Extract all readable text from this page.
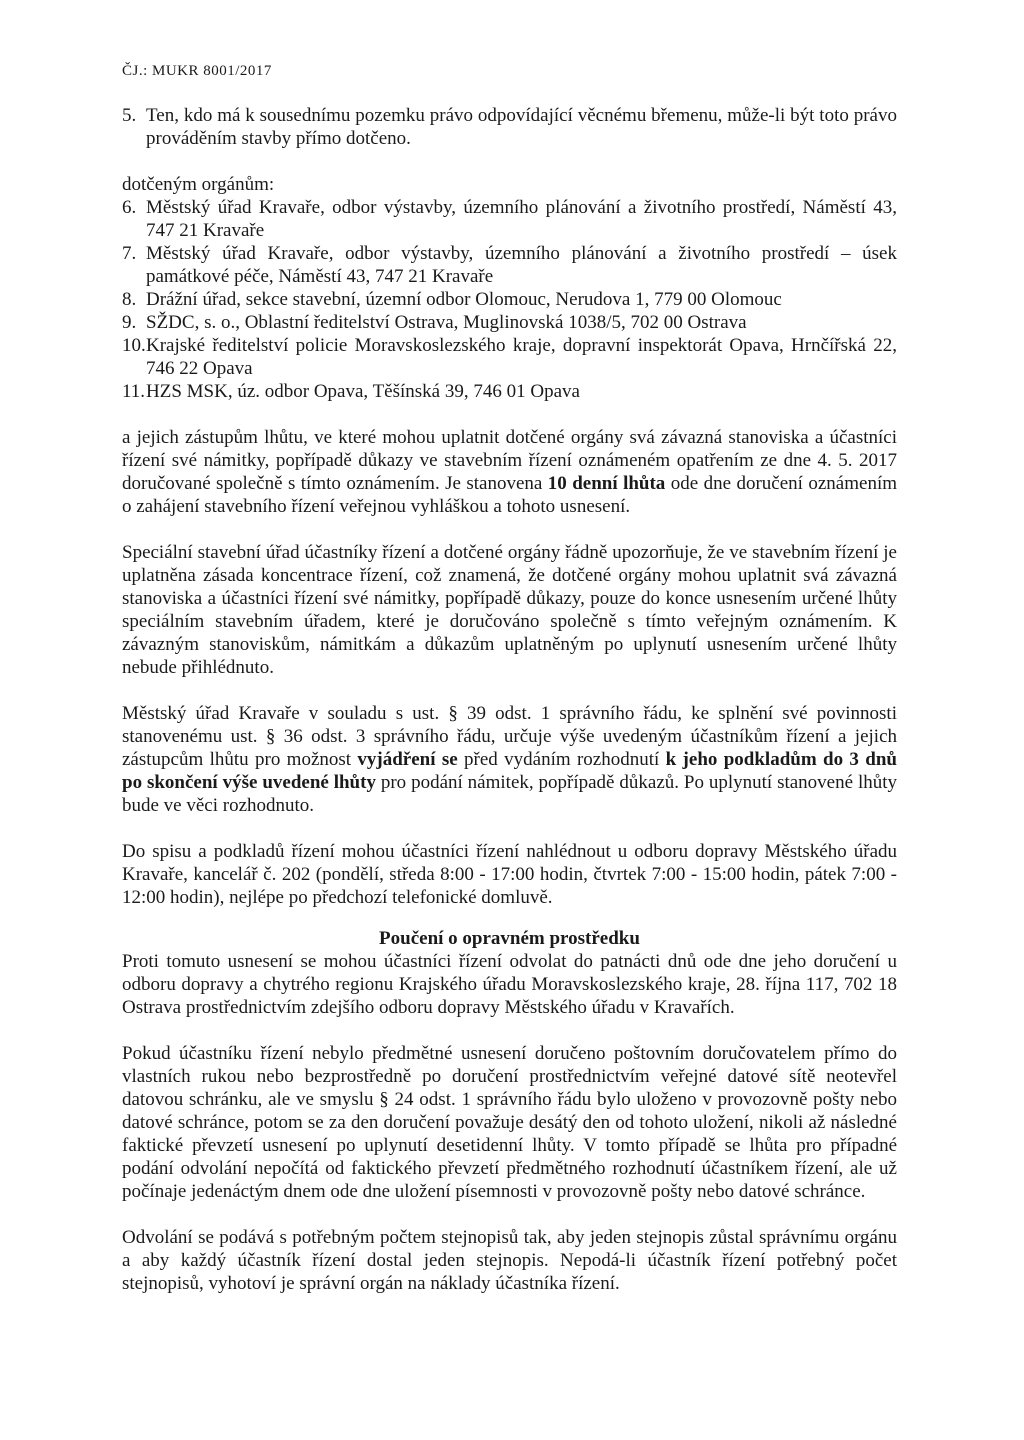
ČJ.: MUKR 8001/2017
5. Ten, kdo má k sousednímu pozemku právo odpovídající věcnému břemenu, může-li být toto právo prováděním stavby přímo dotčeno.

dotčeným orgánům:

6. Městský úřad Kravaře, odbor výstavby, územního plánování a životního prostředí, Náměstí 43, 747 21 Kravaře
7. Městský úřad Kravaře, odbor výstavby, územního plánování a životního prostředí – úsek památkové péče, Náměstí 43, 747 21 Kravaře
8. Drážní úřad, sekce stavební, územní odbor Olomouc, Nerudova 1, 779 00 Olomouc
9. SŽDC, s. o., Oblastní ředitelství Ostrava, Muglinovská 1038/5, 702 00 Ostrava
10. Krajské ředitelství policie Moravskoslezského kraje, dopravní inspektorát Opava, Hrnčířská 22, 746 22 Opava
11. HZS MSK, úz. odbor Opava, Těšínská 39, 746 01 Opava

a jejich zástupům lhůtu, ve které mohou uplatnit dotčené orgány svá závazná stanoviska a účastníci řízení své námitky, popřípadě důkazy ve stavebním řízení oznámeném opatřením ze dne 4. 5. 2017 doručované společně s tímto oznámením. Je stanovena 10 denní lhůta ode dne doručení oznámením o zahájení stavebního řízení veřejnou vyhláškou a tohoto usnesení.

Speciální stavební úřad účastníky řízení a dotčené orgány řádně upozorňuje, že ve stavebním řízení je uplatněna zásada koncentrace řízení, což znamená, že dotčené orgány mohou uplatnit svá závazná stanoviska a účastníci řízení své námitky, popřípadě důkazy, pouze do konce usnesením určené lhůty speciálním stavebním úřadem, které je doručováno společně s tímto veřejným oznámením. K závazným stanoviskům, námitkám a důkazům uplatněným po uplynutí usnesením určené lhůty nebude přihlédnuto.

Městský úřad Kravaře v souladu s ust. § 39 odst. 1 správního řádu, ke splnění své povinnosti stanovenému ust. § 36 odst. 3 správního řádu, určuje výše uvedeným účastníkům řízení a jejich zástupcům lhůtu pro možnost vyjádření se před vydáním rozhodnutí k jeho podkladům do 3 dnů po skončení výše uvedené lhůty pro podání námitek, popřípadě důkazů. Po uplynutí stanovené lhůty bude ve věci rozhodnuto.

Do spisu a podkladů řízení mohou účastníci řízení nahlédnout u odboru dopravy Městského úřadu Kravaře, kancelář č. 202 (pondělí, středa 8:00 - 17:00 hodin, čtvrtek 7:00 - 15:00 hodin, pátek 7:00 - 12:00 hodin), nejlépe po předchozí telefonické domluvě.

Poučení o opravném prostředku

Proti tomuto usnesení se mohou účastníci řízení odvolat do patnácti dnů ode dne jeho doručení u odboru dopravy a chytrého regionu Krajského úřadu Moravskoslezského kraje, 28. října 117, 702 18 Ostrava prostřednictvím zdejšího odboru dopravy Městského úřadu v Kravařích.

Pokud účastníku řízení nebylo předmětné usnesení doručeno poštovním doručovatelem přímo do vlastních rukou nebo bezprostředně po doručení prostřednictvím veřejné datové sítě neotevřel datovou schránku, ale ve smyslu § 24 odst. 1 správního řádu bylo uloženo v provozovně pošty nebo datové schránce, potom se za den doručení považuje desátý den od tohoto uložení, nikoli až následné faktické převzetí usnesení po uplynutí desetidenní lhůty. V tomto případě se lhůta pro případné podání odvolání nepočítá od faktického převzetí předmětného rozhodnutí účastníkem řízení, ale už počínaje jedenáctým dnem ode dne uložení písemnosti v provozovně pošty nebo datové schránce.

Odvolání se podává s potřebným počtem stejnopisů tak, aby jeden stejnopis zůstal správnímu orgánu a aby každý účastník řízení dostal jeden stejnopis. Nepodá-li účastník řízení potřebný počet stejnopisů, vyhotoví je správní orgán na náklady účastníka řízení.
